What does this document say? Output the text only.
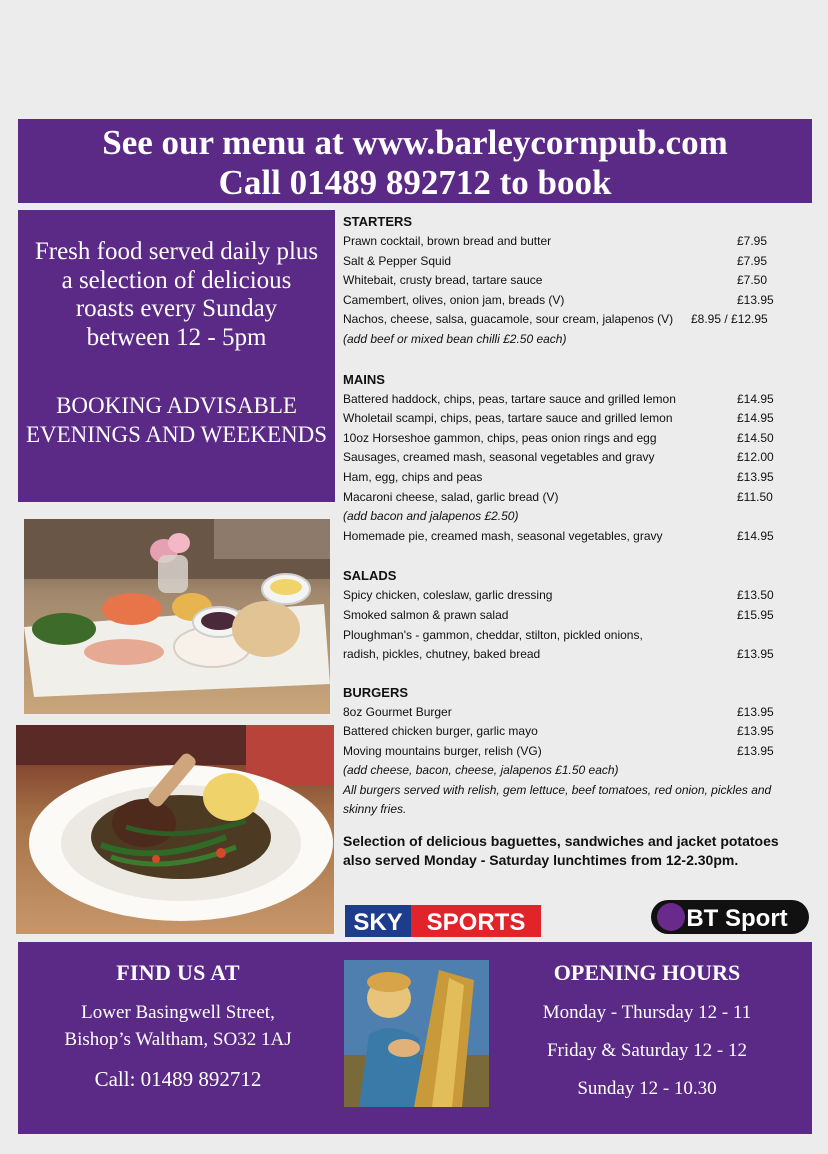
See our menu at www.barleycornpub.com
Call 01489 892712 to book
Fresh food served daily plus a selection of delicious roasts every Sunday between 12 - 5pm
BOOKING ADVISABLE EVENINGS AND WEEKENDS
STARTERS
Prawn cocktail, brown bread and butter	£7.95
Salt & Pepper Squid	£7.95
Whitebait, crusty bread, tartare sauce	£7.50
Camembert, olives, onion jam, breads (V)	£13.95
Nachos, cheese, salsa, guacamole, sour cream, jalapenos (V) £8.95 / £12.95
(add beef or mixed bean chilli £2.50 each)
MAINS
Battered haddock, chips, peas, tartare sauce and grilled lemon	£14.95
Wholetail scampi, chips, peas, tartare sauce and grilled lemon	£14.95
10oz Horseshoe gammon, chips, peas onion rings and egg	£14.50
Sausages, creamed mash, seasonal vegetables and gravy	£12.00
Ham, egg, chips and peas	£13.95
Macaroni cheese, salad, garlic bread (V)	£11.50
(add bacon and jalapenos £2.50)
Homemade pie, creamed mash, seasonal vegetables, gravy	£14.95
SALADS
Spicy chicken, coleslaw, garlic dressing	£13.50
Smoked salmon & prawn salad	£15.95
Ploughman's - gammon, cheddar, stilton, pickled onions,
radish, pickles, chutney, baked bread	£13.95
BURGERS
8oz Gourmet Burger	£13.95
Battered chicken burger, garlic mayo	£13.95
Moving mountains burger, relish (VG)	£13.95
(add cheese, bacon, cheese, jalapenos £1.50 each)
All burgers served with relish, gem lettuce, beef tomatoes, red onion, pickles and skinny fries.
Selection of delicious baguettes, sandwiches and jacket potatoes also served Monday - Saturday lunchtimes from 12-2.30pm.
SKY SPORTS	BT Sport
FIND US AT
Lower Basingwell Street,
Bishop’s Waltham, SO32 1AJ
Call: 01489 892712
OPENING HOURS
Monday - Thursday 12 - 11
Friday & Saturday 12 - 12
Sunday 12 - 10.30
